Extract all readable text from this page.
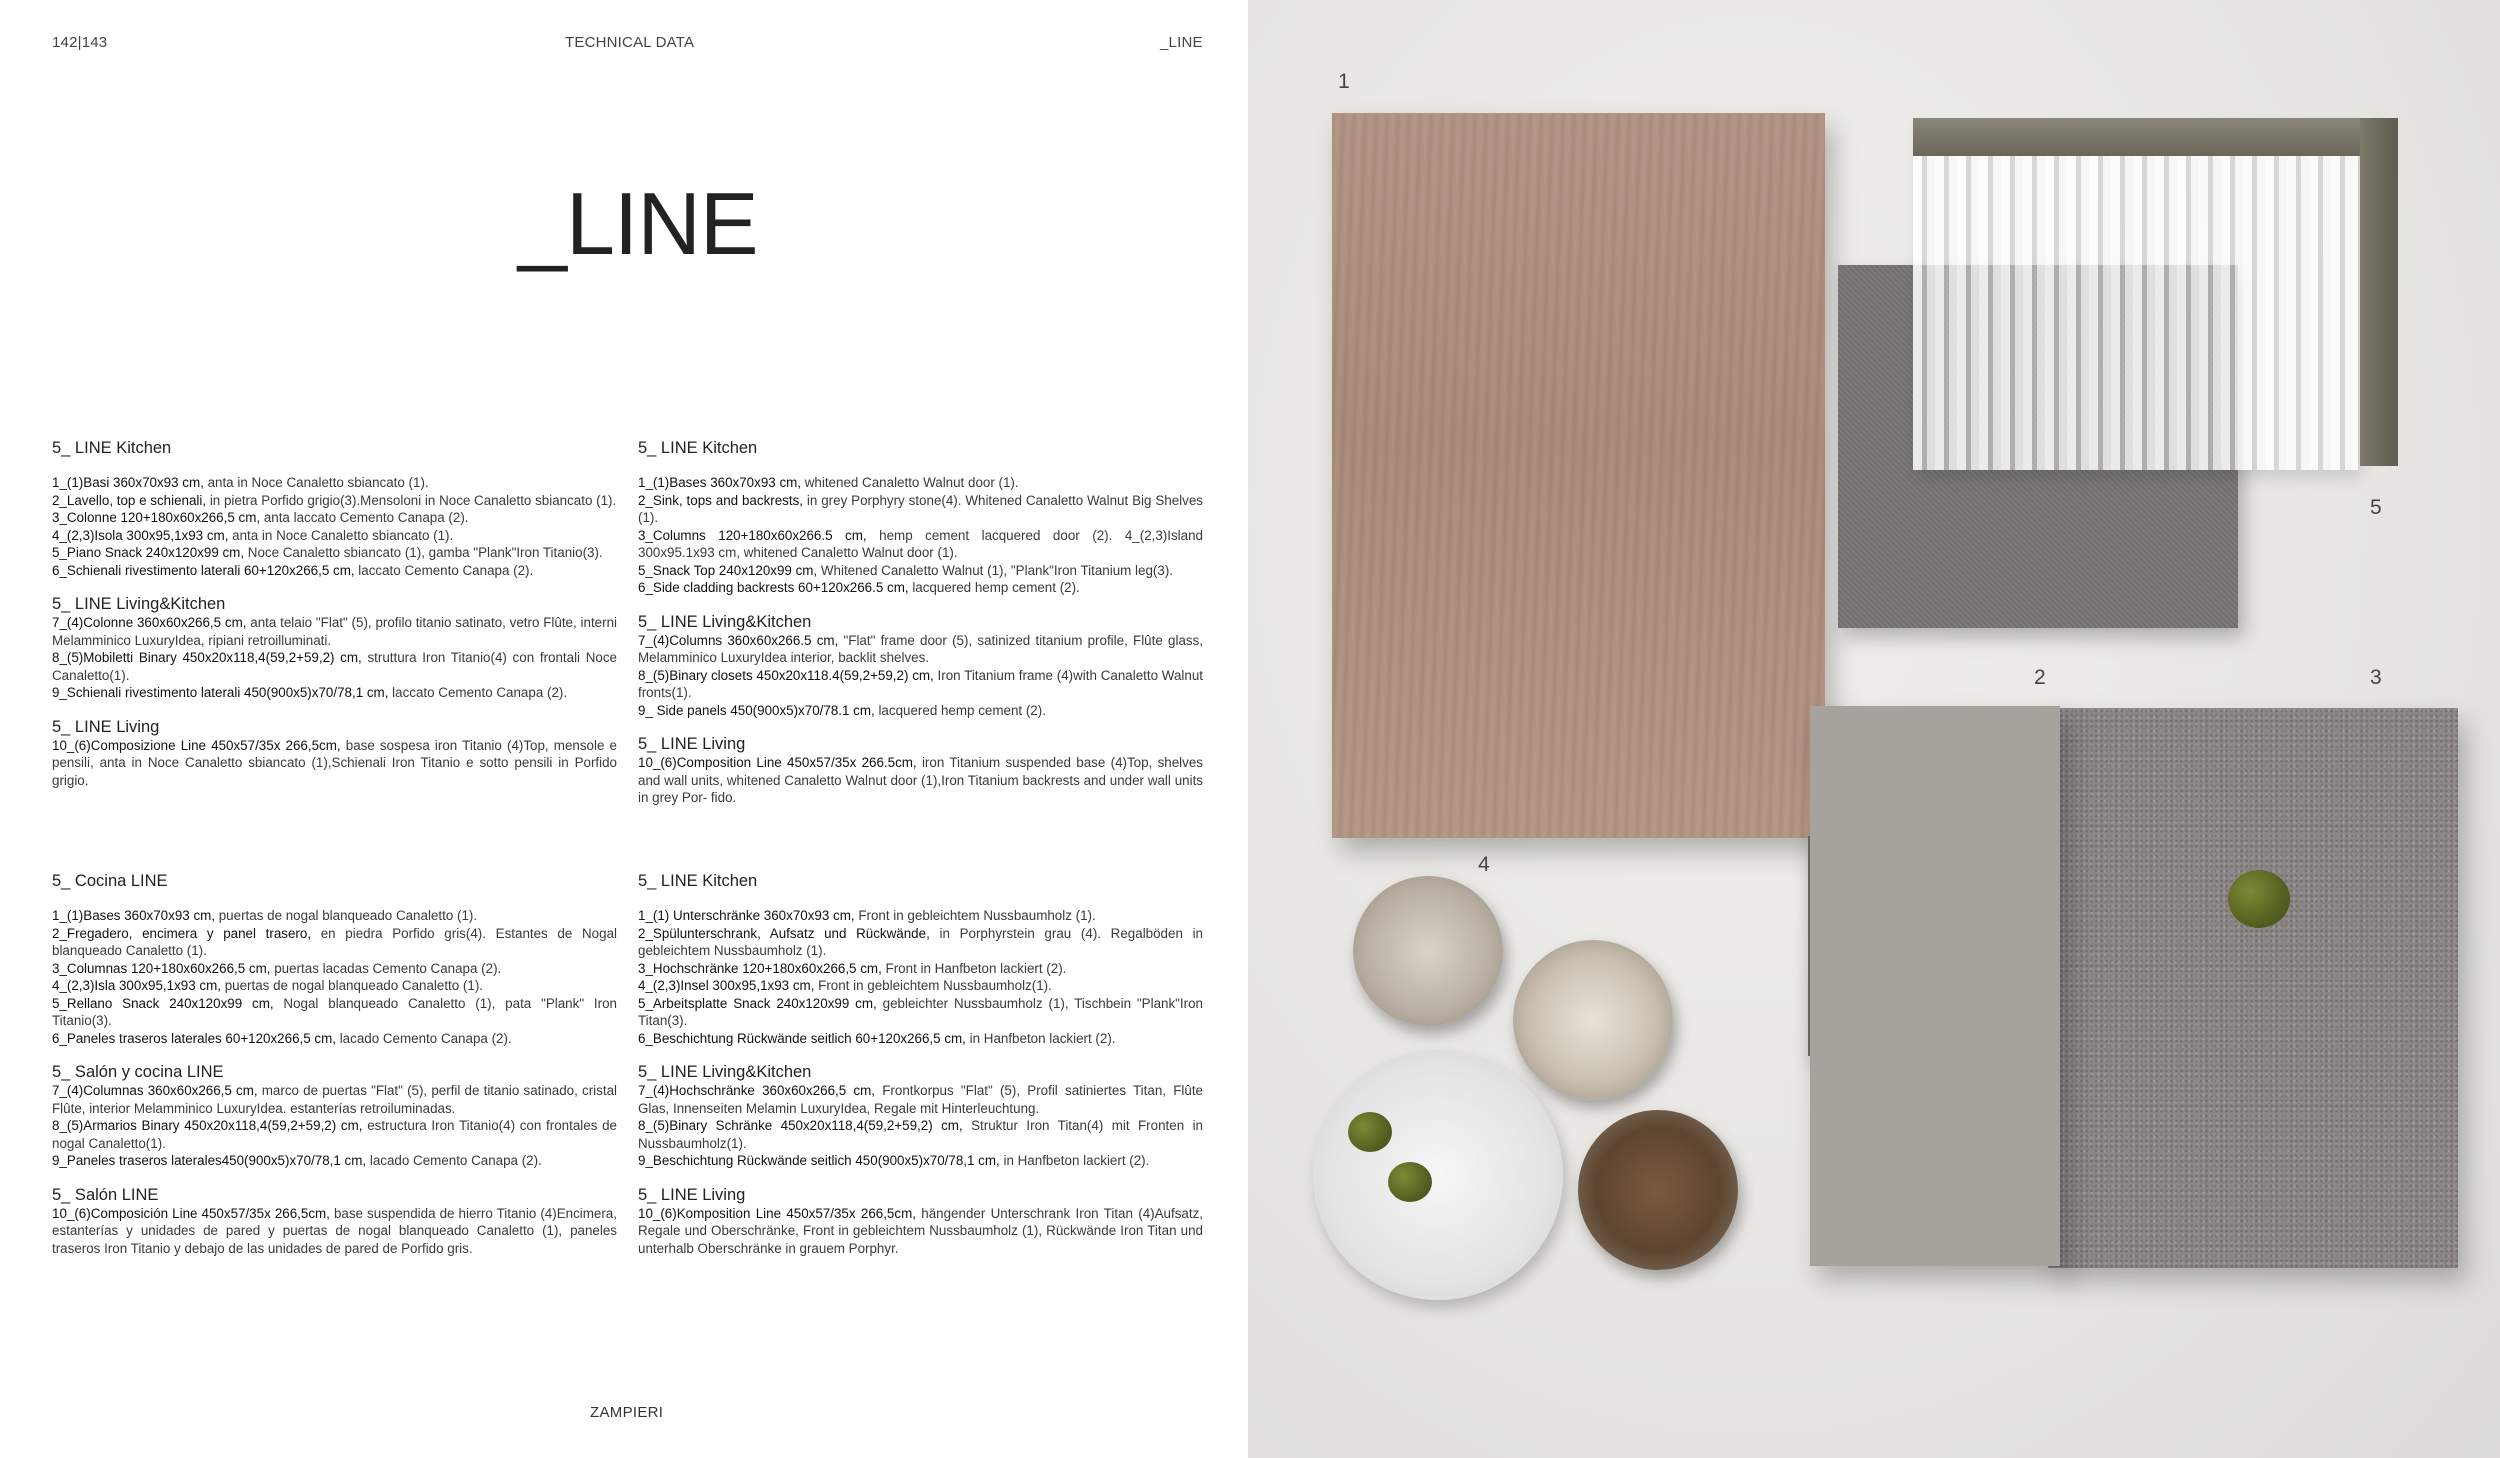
142|143	TECHNICAL DATA	_LINE
_LINE
5_ LINE Kitchen
1_(1)Basi 360x70x93 cm, anta in Noce Canaletto sbiancato (1).
2_Lavello, top e schienali, in pietra Porfido grigio(3).Mensoloni in Noce Canaletto sbiancato (1).
3_Colonne 120+180x60x266,5 cm, anta laccato Cemento Canapa (2).
4_(2,3)Isola 300x95,1x93 cm, anta in Noce Canaletto sbiancato (1).
5_Piano Snack 240x120x99 cm, Noce Canaletto sbiancato (1), gamba "Plank"Iron Titanio(3).
6_Schienali rivestimento laterali 60+120x266,5 cm, laccato Cemento Canapa (2).
5_ LINE Living&Kitchen
7_(4)Colonne 360x60x266,5 cm, anta telaio "Flat" (5), profilo titanio satinato, vetro Flûte, interni Melamminico LuxuryIdea, ripiani retroilluminati.
8_(5)Mobiletti Binary 450x20x118,4(59,2+59,2) cm, struttura Iron Titanio(4) con frontali Noce Canaletto(1).
9_Schienali rivestimento laterali 450(900x5)x70/78,1 cm, laccato Cemento Canapa (2).
5_ LINE Living
10_(6)Composizione Line 450x57/35x 266,5cm, base sospesa iron Titanio (4)Top, mensole e pensili, anta in Noce Canaletto sbiancato (1),Schienali Iron Titanio e sotto pensili in Porfido grigio.
5_ LINE Kitchen
1_(1)Bases 360x70x93 cm, whitened Canaletto Walnut door (1).
2_Sink, tops and backrests, in grey Porphyry stone(4). Whitened Canaletto Walnut Big Shelves (1).
3_Columns 120+180x60x266.5 cm, hemp cement lacquered door (2). 4_(2,3)Island 300x95.1x93 cm, whitened Canaletto Walnut door (1).
5_Snack Top 240x120x99 cm, Whitened Canaletto Walnut (1), "Plank"Iron Titanium leg(3).
6_Side cladding backrests 60+120x266.5 cm, lacquered hemp cement (2).
5_ LINE Living&Kitchen
7_(4)Columns 360x60x266.5 cm, "Flat" frame door (5), satinized titanium profile, Flûte glass, Melamminico LuxuryIdea interior, backlit shelves.
8_(5)Binary closets 450x20x118.4(59,2+59,2) cm, Iron Titanium frame (4)with Canaletto Walnut fronts(1).
9_ Side panels 450(900x5)x70/78.1 cm, lacquered hemp cement (2).
5_ LINE Living
10_(6)Composition Line 450x57/35x 266.5cm, iron Titanium suspended base (4)Top, shelves and wall units, whitened Canaletto Walnut door (1),Iron Titanium backrests and under wall units in grey Por- fido.
5_ Cocina LINE
1_(1)Bases 360x70x93 cm, puertas de nogal blanqueado Canaletto (1).
2_Fregadero, encimera y panel trasero, en piedra Porfido gris(4). Estantes de Nogal blanqueado Canaletto (1).
3_Columnas 120+180x60x266,5 cm, puertas lacadas Cemento Canapa (2).
4_(2,3)Isla 300x95,1x93 cm, puertas de nogal blanqueado Canaletto (1).
5_Rellano Snack 240x120x99 cm, Nogal blanqueado Canaletto (1), pata "Plank" Iron Titanio(3).
6_Paneles traseros laterales 60+120x266,5 cm, lacado Cemento Canapa (2).
5_ Salón y cocina LINE
7_(4)Columnas 360x60x266,5 cm, marco de puertas "Flat" (5), perfil de titanio satinado, cristal Flûte, interior Melamminico LuxuryIdea. estanterías retroiluminadas.
8_(5)Armarios Binary 450x20x118,4(59,2+59,2) cm, estructura Iron Titanio(4) con frontales de nogal Canaletto(1).
9_Paneles traseros laterales450(900x5)x70/78,1 cm, lacado Cemento Canapa (2).
5_ Salón LINE
10_(6)Composición Line 450x57/35x 266,5cm, base suspendida de hierro Titanio (4)Encimera, estanterías y unidades de pared y puertas de nogal blanqueado Canaletto (1), paneles traseros Iron Titanio y debajo de las unidades de pared de Porfido gris.
5_ LINE Kitchen
1_(1) Unterschränke 360x70x93 cm, Front in gebleichtem Nussbaumholz (1).
2_Spülunterschrank, Aufsatz und Rückwände, in Porphyrstein grau (4). Regalböden in gebleichtem Nussbaumholz (1).
3_Hochschränke 120+180x60x266,5 cm, Front in Hanfbeton lackiert (2).
4_(2,3)Insel 300x95,1x93 cm, Front in gebleichtem Nussbaumholz(1).
5_Arbeitsplatte Snack 240x120x99 cm, gebleichter Nussbaumholz (1), Tischbein "Plank"Iron Titan(3).
6_Beschichtung Rückwände seitlich 60+120x266,5 cm, in Hanfbeton lackiert (2).
5_ LINE Living&Kitchen
7_(4)Hochschränke 360x60x266,5 cm, Frontkorpus "Flat" (5), Profil satiniertes Titan, Flûte Glas, Innenseiten Melamin LuxuryIdea, Regale mit Hinterleuchtung.
8_(5)Binary Schränke 450x20x118,4(59,2+59,2) cm, Struktur Iron Titan(4) mit Fronten in Nussbaumholz(1).
9_Beschichtung Rückwände seitlich 450(900x5)x70/78,1 cm, in Hanfbeton lackiert (2).
5_ LINE Living
10_(6)Komposition Line 450x57/35x 266,5cm, hängender Unterschrank Iron Titan (4)Aufsatz, Regale und Oberschränke, Front in gebleichtem Nussbaumholz (1), Rückwände Iron Titan und unterhalb Oberschränke in grauem Porphyr.
ZAMPIERI
1
2	3
4
5
